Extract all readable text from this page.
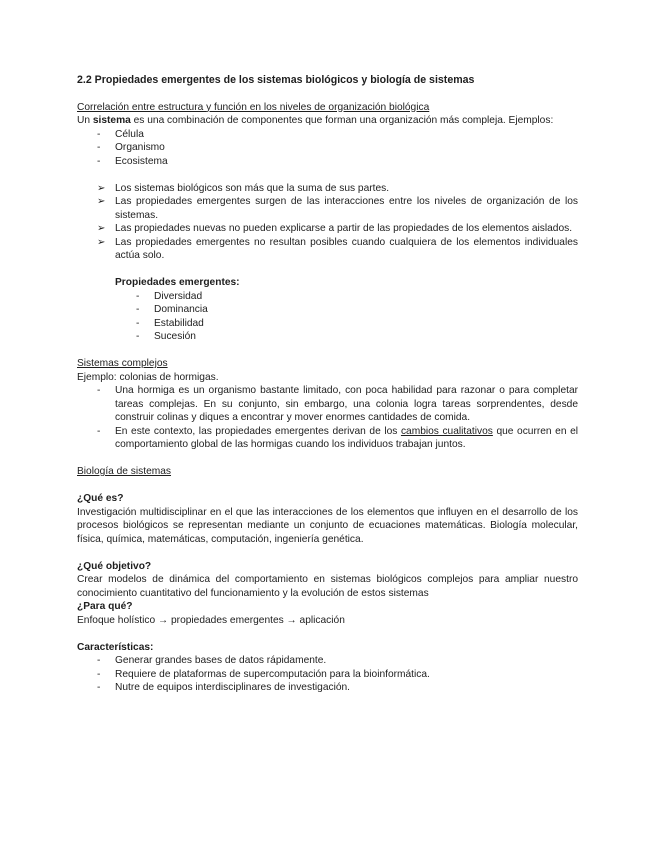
2.2 Propiedades emergentes de los sistemas biológicos y biología de sistemas

Correlación entre estructura y función en los niveles de organización biológica

Un sistema es una combinación de componentes que forman una organización más compleja. Ejemplos:

- Célula
- Organismo
- Ecosistema
➢ Los sistemas biológicos son más que la suma de sus partes.
➢ Las propiedades emergentes surgen de las interacciones entre los niveles de organización de los sistemas.
➢ Las propiedades nuevas no pueden explicarse a partir de las propiedades de los elementos aislados.
➢ Las propiedades emergentes no resultan posibles cuando cualquiera de los elementos individuales actúa solo.

Propiedades emergentes:

- Diversidad
- Dominancia
- Estabilidad
- Sucesión

Sistemas complejos

Ejemplo: colonias de hormigas.

- Una hormiga es un organismo bastante limitado, con poca habilidad para razonar o para completar tareas complejas. En su conjunto, sin embargo, una colonia logra tareas sorprendentes, desde construir colinas y diques a encontrar y mover enormes cantidades de comida.
- En este contexto, las propiedades emergentes derivan de los cambios cualitativos que ocurren en el comportamiento global de las hormigas cuando los individuos trabajan juntos.

Biología de sistemas

¿Qué es?

Investigación multidisciplinar en el que las interacciones de los elementos que influyen en el desarrollo de los procesos biológicos se representan mediante un conjunto de ecuaciones matemáticas. Biología molecular, física, química, matemáticas, computación, ingeniería genética.

¿Qué objetivo?

Crear modelos de dinámica del comportamiento en sistemas biológicos complejos para ampliar nuestro conocimiento cuantitativo del funcionamiento y la evolución de estos sistemas

¿Para qué?

Enfoque holístico → propiedades emergentes → aplicación

Características:

- Generar grandes bases de datos rápidamente.
- Requiere de plataformas de supercomputación para la bioinformática.
- Nutre de equipos interdisciplinares de investigación.
